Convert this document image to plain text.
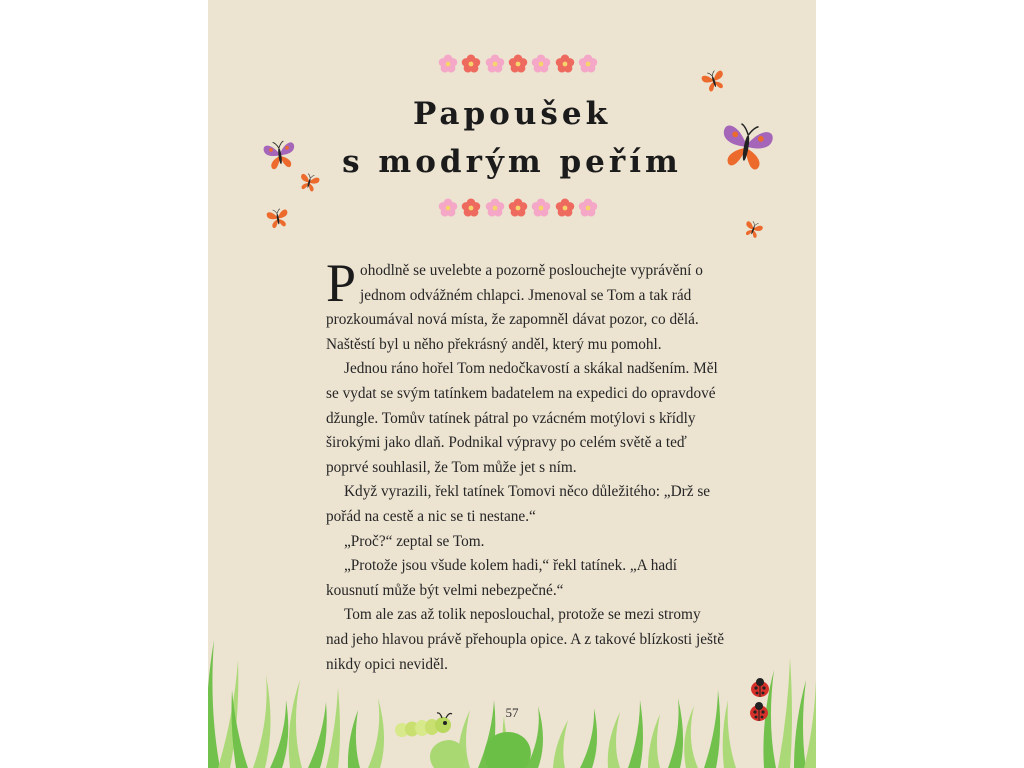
Papoušek
s modrým peřím

Pohodlně se uvelebte a pozorně poslouchejte vyprávění o jednom odvážném chlapci. Jmenoval se Tom a tak rád prozkoumával nová místa, že zapomněl dávat pozor, co dělá. Naštěstí byl u něho překrásný anděl, který mu pomohl.

Jednou ráno hořel Tom nedočkavostí a skákal nadšením. Měl se vydat se svým tatínkem badatelem na expedici do opravdové džungle. Tomův tatínek pátral po vzácném motýlovi s křídly širokými jako dlaň. Podnikal výpravy po celém světě a teď poprvé souhlasil, že Tom může jet s ním.

Když vyrazili, řekl tatínek Tomovi něco důležitého: „Drž se pořád na cestě a nic se ti nestane.“

„Proč?“ zeptal se Tom.

„Protože jsou všude kolem hadi,“ řekl tatínek. „A hadí kousnutí může být velmi nebezpečné.“

Tom ale zas až tolik neposlouchal, protože se mezi stromy nad jeho hlavou právě přehoupla opice. A z takové blízkosti ještě nikdy opici neviděl.

57
